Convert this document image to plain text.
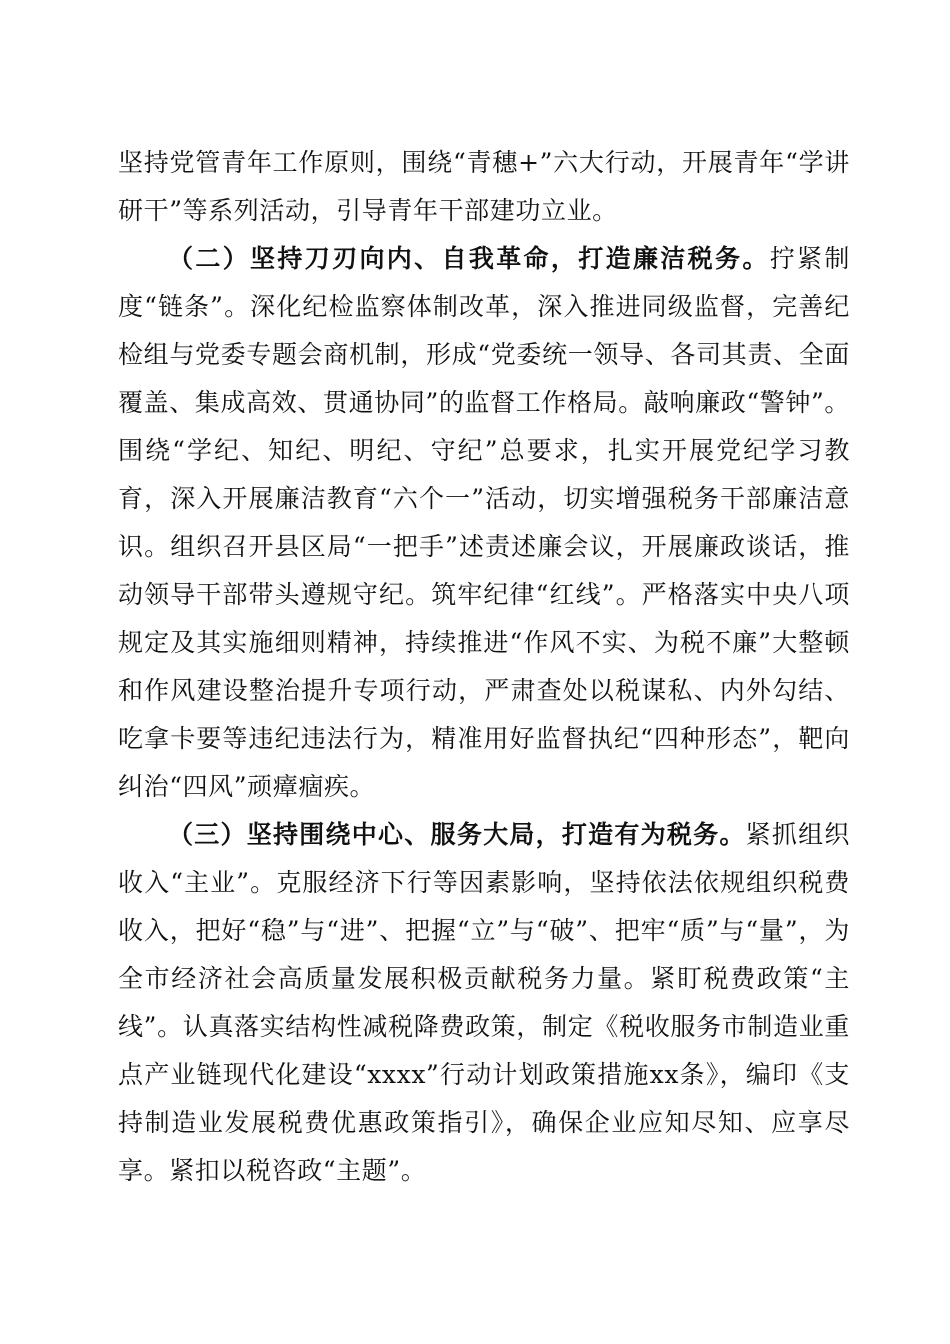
坚持党管青年工作原则，围绕“青穗+”六大行动，开展青年“学讲研干”等系列活动，引导青年干部建功立业。

（二）坚持刀刃向内、自我革命，打造廉洁税务。拧紧制度“链条”。深化纪检监察体制改革，深入推进同级监督，完善纪检组与党委专题会商机制，形成“党委统一领导、各司其责、全面覆盖、集成高效、贯通协同”的监督工作格局。敲响廉政“警钟”。围绕“学纪、知纪、明纪、守纪”总要求，扎实开展党纪学习教育，深入开展廉洁教育“六个一”活动，切实增强税务干部廉洁意识。组织召开县区局“一把手”述责述廉会议，开展廉政谈话，推动领导干部带头遵规守纪。筑牢纪律“红线”。严格落实中央八项规定及其实施细则精神，持续推进“作风不实、为税不廉”大整顿和作风建设整治提升专项行动，严肃查处以税谋私、内外勾结、吃拿卡要等违纪违法行为，精准用好监督执纪“四种形态”，靶向纠治“四风”顽瘴痼疾。

（三）坚持围绕中心、服务大局，打造有为税务。紧抓组织收入“主业”。克服经济下行等因素影响，坚持依法依规组织税费收入，把好“稳”与“进”、把握“立”与“破”、把牢“质”与“量”，为全市经济社会高质量发展积极贡献税务力量。紧盯税费政策“主线”。认真落实结构性减税降费政策，制定《税收服务市制造业重点产业链现代化建设“xxxx”行动计划政策措施xx条》，编印《支持制造业发展税费优惠政策指引》，确保企业应知尽知、应享尽享。紧扣以税咨政“主题”。
